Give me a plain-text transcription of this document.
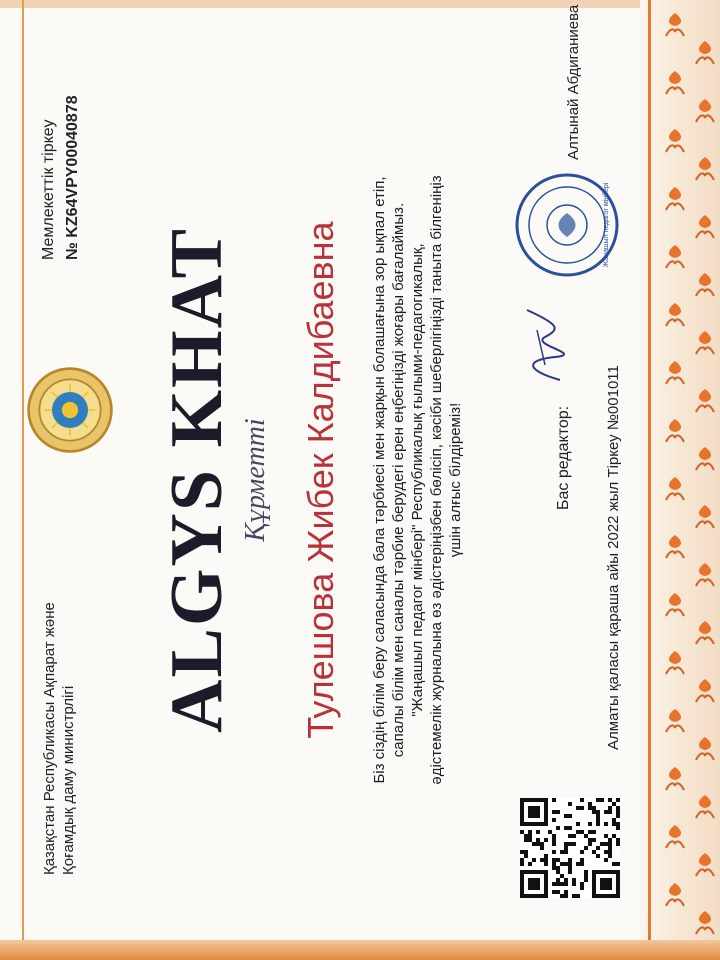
Қазақстан Республикасы Ақпарат және Қоғамдық даму министрлігі
Мемлекеттік тіркеу № KZ64VPY00040878
ALGYS KHAT Құрметті Тулешова Жибек Калдибаевна Біз сіздің білім беру саласында бала тәрбиесі мен жарқын болашағына зор ықпал етіп, сапалы білім мен саналы тәрбие берудегі ерен еңбегіңізді жоғары бағалаймыз. "Жаңашыл педагог мінбері" Республикалық ғылыми-педагогикалық, әдістемелік журналына өз әдістеріңізбен бөлісіп, кәсіби шеберлігіңізді таныта білгеніңіз үшін алғыс білдіреміз!	Алматы қаласы қараша айы 2022 жыл Тіркеу №001011
Бас редактор:
Жаңашыл педагог мінбері
Алтынай Абдиганиева
